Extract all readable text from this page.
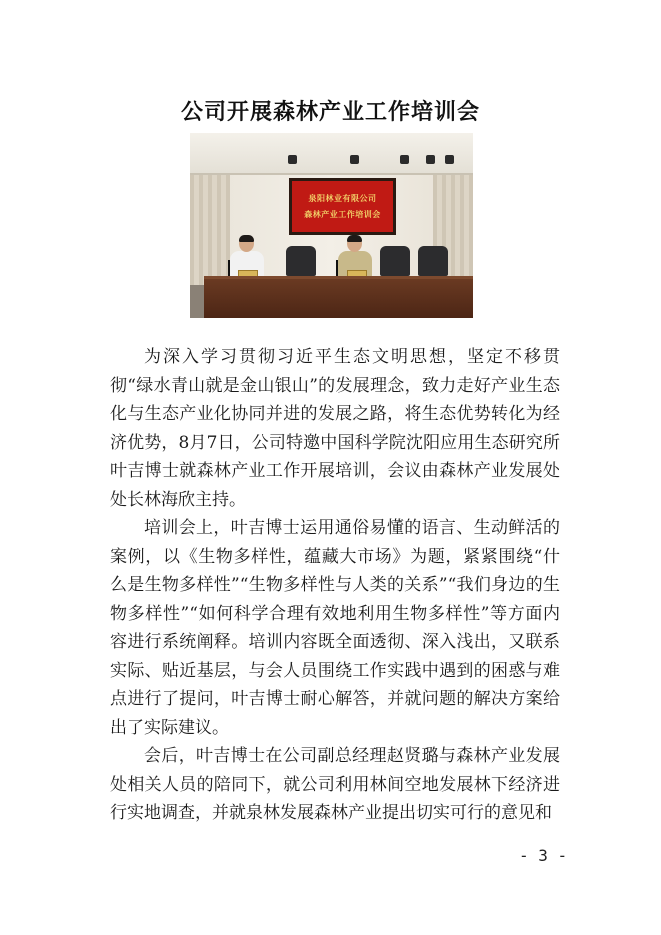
公司开展森林产业工作培训会
泉阳林业有限公司
森林产业工作培训会

为深入学习贯彻习近平生态文明思想，坚定不移贯彻“绿水青山就是金山银山”的发展理念，致力走好产业生态化与生态产业化协同并进的发展之路，将生态优势转化为经济优势，8月7日，公司特邀中国科学院沈阳应用生态研究所叶吉博士就森林产业工作开展培训，会议由森林产业发展处处长林海欣主持。

培训会上，叶吉博士运用通俗易懂的语言、生动鲜活的案例，以《生物多样性，蕴藏大市场》为题，紧紧围绕“什么是生物多样性”“生物多样性与人类的关系”“我们身边的生物多样性”“如何科学合理有效地利用生物多样性”等方面内容进行系统阐释。培训内容既全面透彻、深入浅出，又联系实际、贴近基层，与会人员围绕工作实践中遇到的困惑与难点进行了提问，叶吉博士耐心解答，并就问题的解决方案给出了实际建议。

会后，叶吉博士在公司副总经理赵贤璐与森林产业发展处相关人员的陪同下，就公司利用林间空地发展林下经济进行实地调查，并就泉林发展森林产业提出切实可行的意见和

- 3 -
